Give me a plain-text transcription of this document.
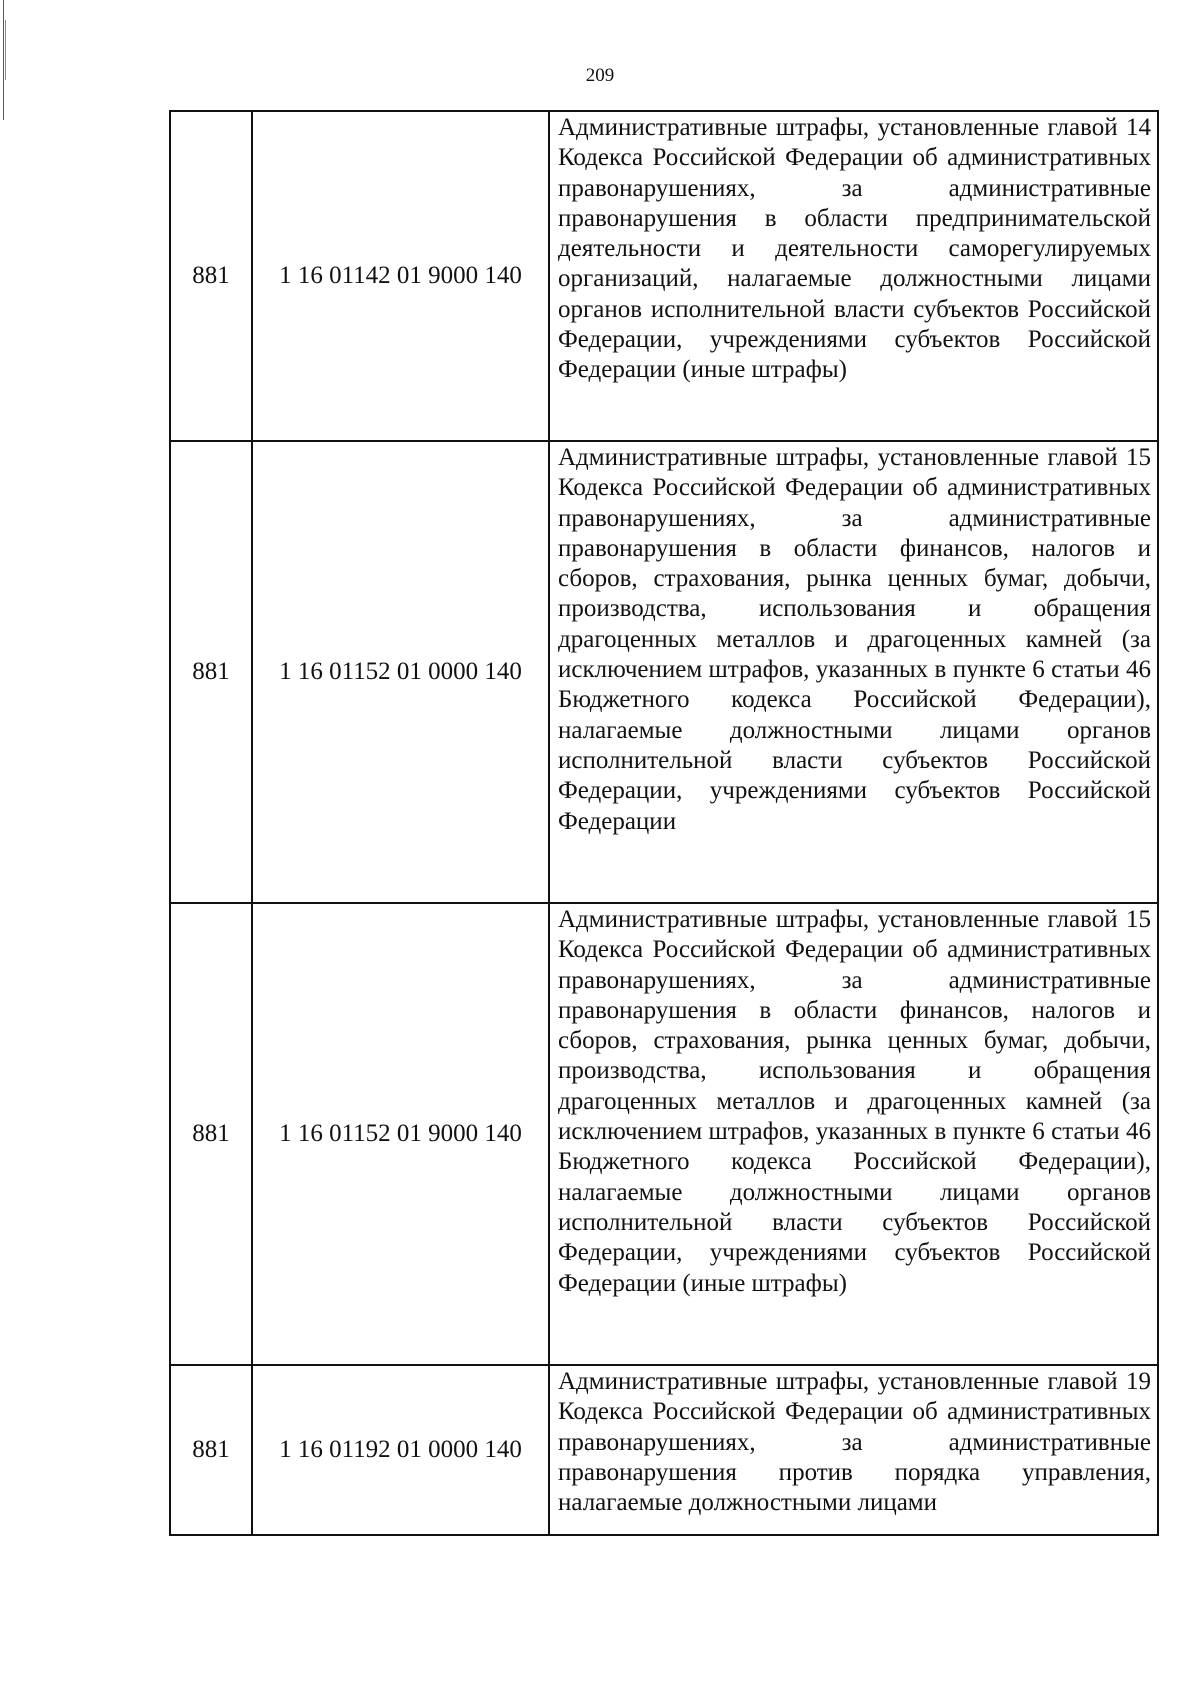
209
881	1 16 01142 01 9000 140	Административные штрафы, установленные главой 14 Кодекса Российской Федерации об административных правонарушениях, за административные правонарушения в области предпринимательской деятельности и деятельности саморегулируемых организаций, налагаемые должностными лицами органов исполнительной власти субъектов Российской Федерации, учреждениями субъектов Российской Федерации (иные штрафы)
881	1 16 01152 01 0000 140	Административные штрафы, установленные главой 15 Кодекса Российской Федерации об административных правонарушениях, за административные правонарушения в области финансов, налогов и сборов, страхования, рынка ценных бумаг, добычи, производства, использования и обращения драгоценных металлов и драгоценных камней (за исключением штрафов, указанных в пункте 6 статьи 46 Бюджетного кодекса Российской Федерации), налагаемые должностными лицами органов исполнительной власти субъектов Российской Федерации, учреждениями субъектов Российской Федерации
881	1 16 01152 01 9000 140	Административные штрафы, установленные главой 15 Кодекса Российской Федерации об административных правонарушениях, за административные правонарушения в области финансов, налогов и сборов, страхования, рынка ценных бумаг, добычи, производства, использования и обращения драгоценных металлов и драгоценных камней (за исключением штрафов, указанных в пункте 6 статьи 46 Бюджетного кодекса Российской Федерации), налагаемые должностными лицами органов исполнительной власти субъектов Российской Федерации, учреждениями субъектов Российской Федерации (иные штрафы)
881	1 16 01192 01 0000 140	Административные штрафы, установленные главой 19 Кодекса Российской Федерации об административных правонарушениях, за административные правонарушения против порядка управления, налагаемые должностными лицами
